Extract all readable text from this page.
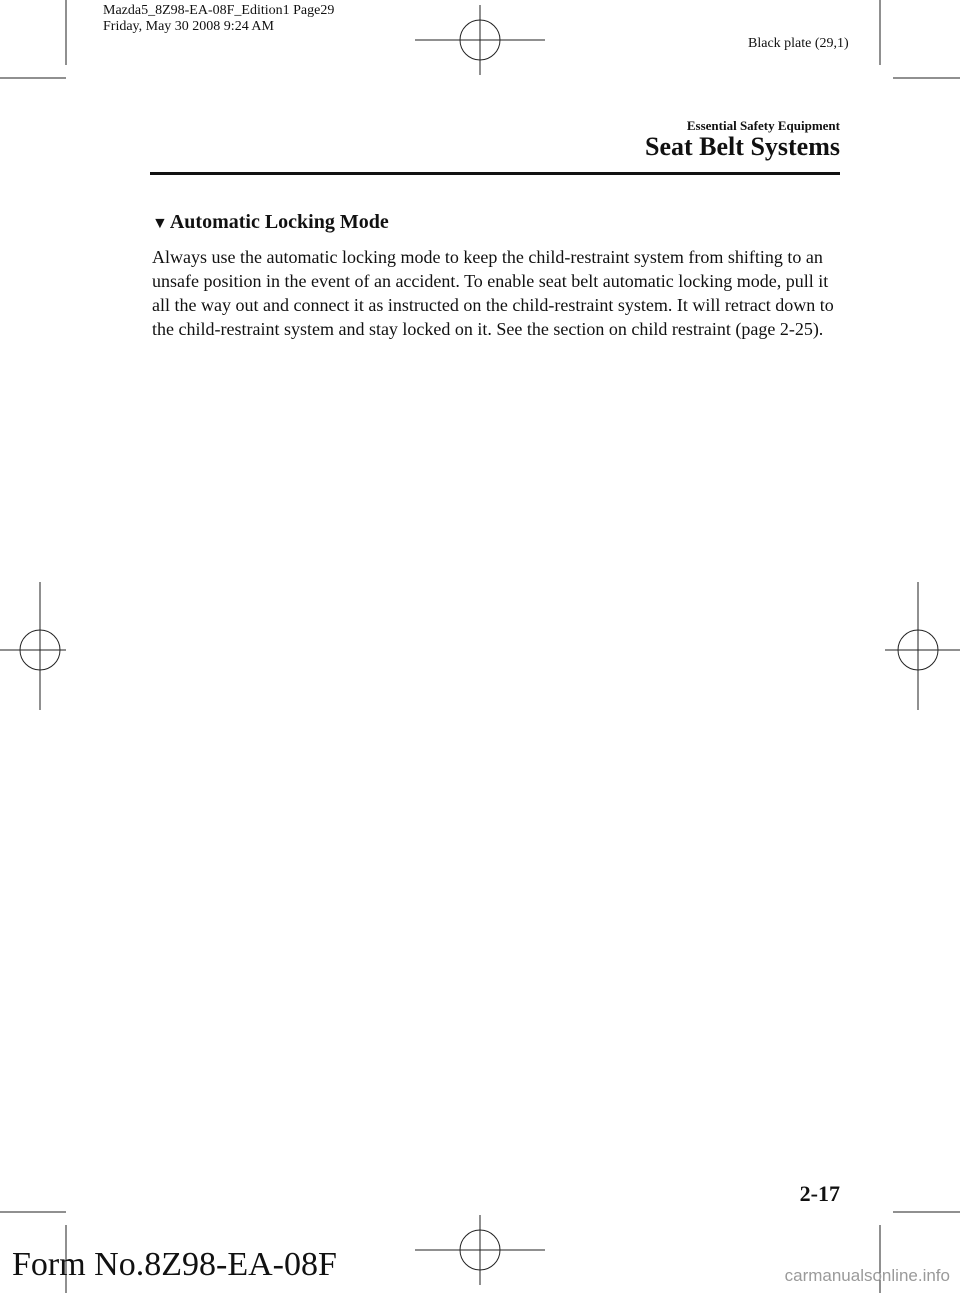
Mazda5_8Z98-EA-08F_Edition1 Page29
Friday, May 30 2008 9:24 AM
Black plate (29,1)
Essential Safety Equipment
Seat Belt Systems
▼ Automatic Locking Mode

Always use the automatic locking mode to keep the child-restraint system from shifting to an unsafe position in the event of an accident. To enable seat belt automatic locking mode, pull it all the way out and connect it as instructed on the child-restraint system. It will retract down to the child-restraint system and stay locked on it. See the section on child restraint (page 2-25).

2-17
Form No.8Z98-EA-08F	carmanualsonline.info
